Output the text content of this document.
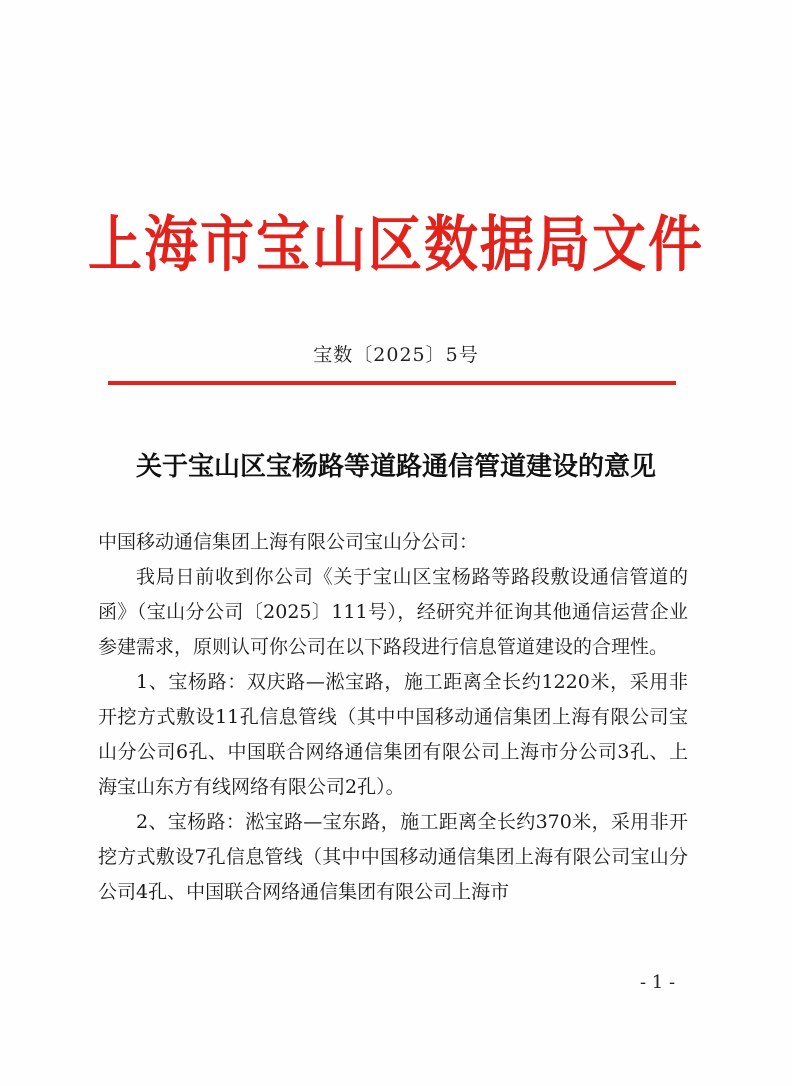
上海市宝山区数据局文件
宝数〔2025〕5号
关于宝山区宝杨路等道路通信管道建设的意见

中国移动通信集团上海有限公司宝山分公司：

我局日前收到你公司《关于宝山区宝杨路等路段敷设通信管道的函》（宝山分公司〔2025〕111号），经研究并征询其他通信运营企业参建需求，原则认可你公司在以下路段进行信息管道建设的合理性。

1、宝杨路：双庆路—淞宝路，施工距离全长约1220米，采用非开挖方式敷设11孔信息管线（其中中国移动通信集团上海有限公司宝山分公司6孔、中国联合网络通信集团有限公司上海市分公司3孔、上海宝山东方有线网络有限公司2孔）。

2、宝杨路：淞宝路—宝东路，施工距离全长约370米，采用非开挖方式敷设7孔信息管线（其中中国移动通信集团上海有限公司宝山分公司4孔、中国联合网络通信集团有限公司上海市

- 1 -
